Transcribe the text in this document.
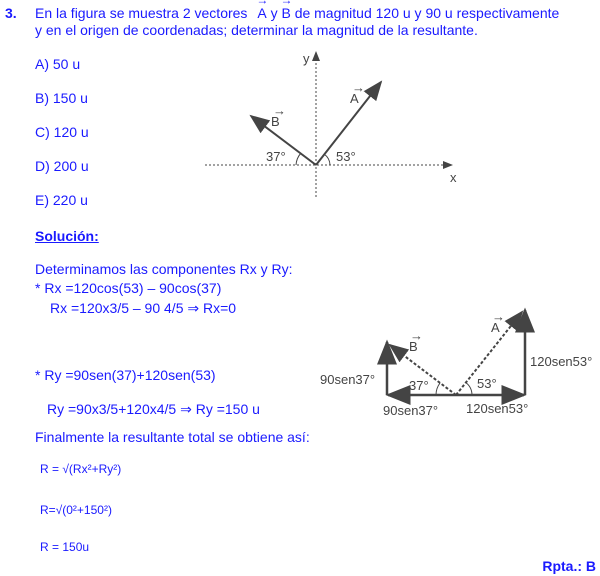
3. En la figura se muestra 2 vectores → A y → B de magnitud 120 u y 90 u respectivamente
y en el origen de coordenadas; determinar la magnitud de la resultante.
A) 50 u
B) 150 u
C) 120 u
D) 200 u
E) 220 u
y
x
A
→
B
→
37°	53°
Solución:
Determinamos las componentes Rx y Ry:
* Rx =120cos(53) – 90cos(37)
Rx =120x3/5 – 90 4/5 ⇒ Rx=0
* Ry =90sen(37)+120sen(53)
Ry =90x3/5+120x4/5 ⇒ Ry =150 u
Finalmente la resultante total se obtiene así:
R = √(Rx²+Ry²)
R=√(0²+150²)
R = 150u
Rpta.: B
A
→
B
→
37°	53°
90sen37°
120sen53°
90sen37° 120sen53°
